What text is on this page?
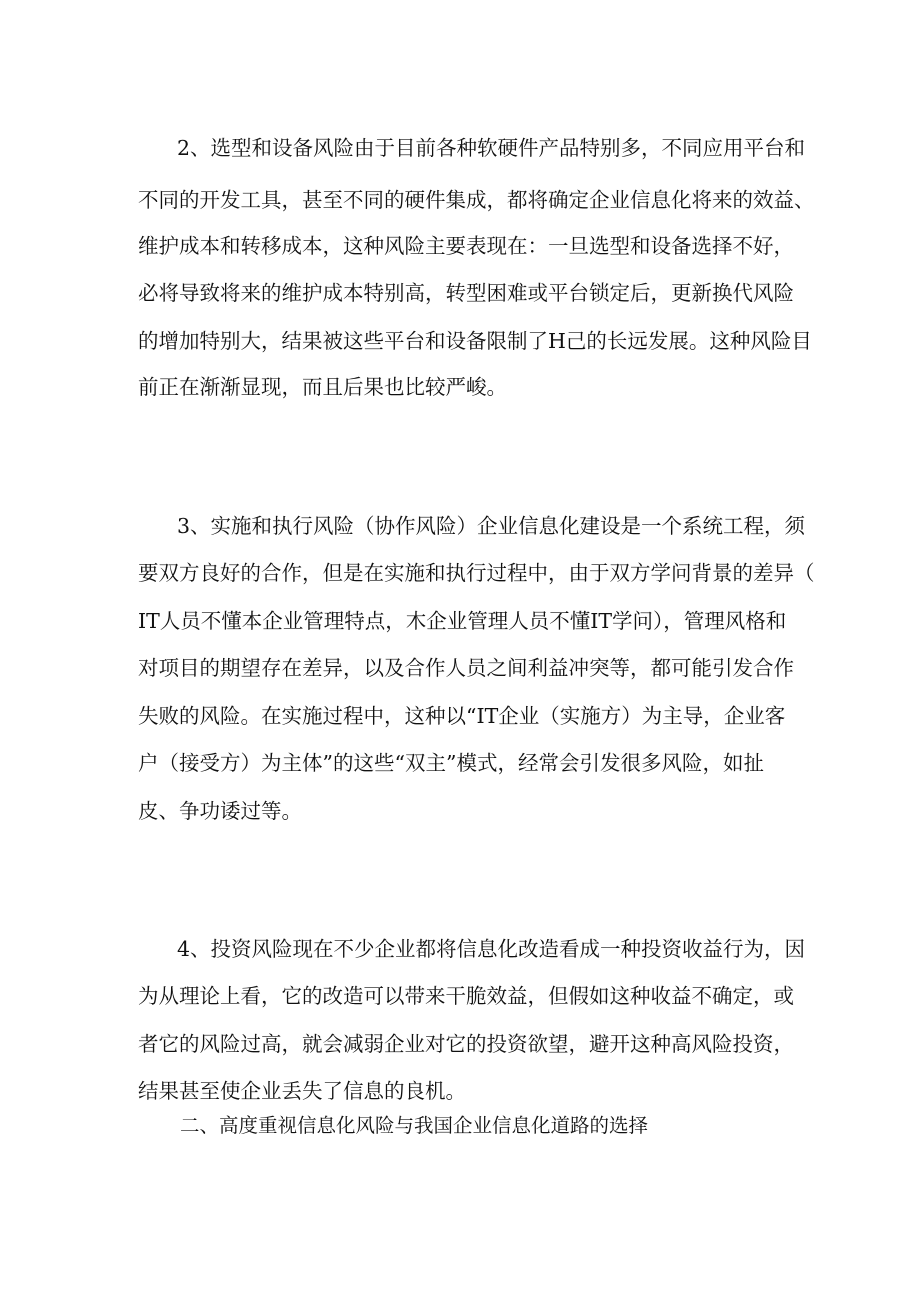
2、选型和设备风险由于目前各种软硬件产品特别多，不同应用平台和
不同的开发工具，甚至不同的硬件集成，都将确定企业信息化将来的效益、
维护成本和转移成本，这种风险主要表现在：一旦选型和设备选择不好，
必将导致将来的维护成本特别高，转型困难或平台锁定后，更新换代风险
的增加特别大，结果被这些平台和设备限制了H己的长远发展。这种风险目
前正在渐渐显现，而且后果也比较严峻。
3、实施和执行风险（协作风险）企业信息化建设是一个系统工程，须
要双方良好的合作，但是在实施和执行过程中，由于双方学问背景的差异（
IT人员不懂本企业管理特点，木企业管理人员不懂IT学问），管理风格和
对项目的期望存在差异，以及合作人员之间利益冲突等，都可能引发合作
失败的风险。在实施过程中，这种以“IT企业（实施方）为主导，企业客
户（接受方）为主体”的这些“双主”模式，经常会引发很多风险，如扯
皮、争功诿过等。
4、投资风险现在不少企业都将信息化改造看成一种投资收益行为，因
为从理论上看，它的改造可以带来干脆效益，但假如这种收益不确定，或
者它的风险过高，就会减弱企业对它的投资欲望，避开这种高风险投资，
结果甚至使企业丢失了信息的良机。
二、高度重视信息化风险与我国企业信息化道路的选择
